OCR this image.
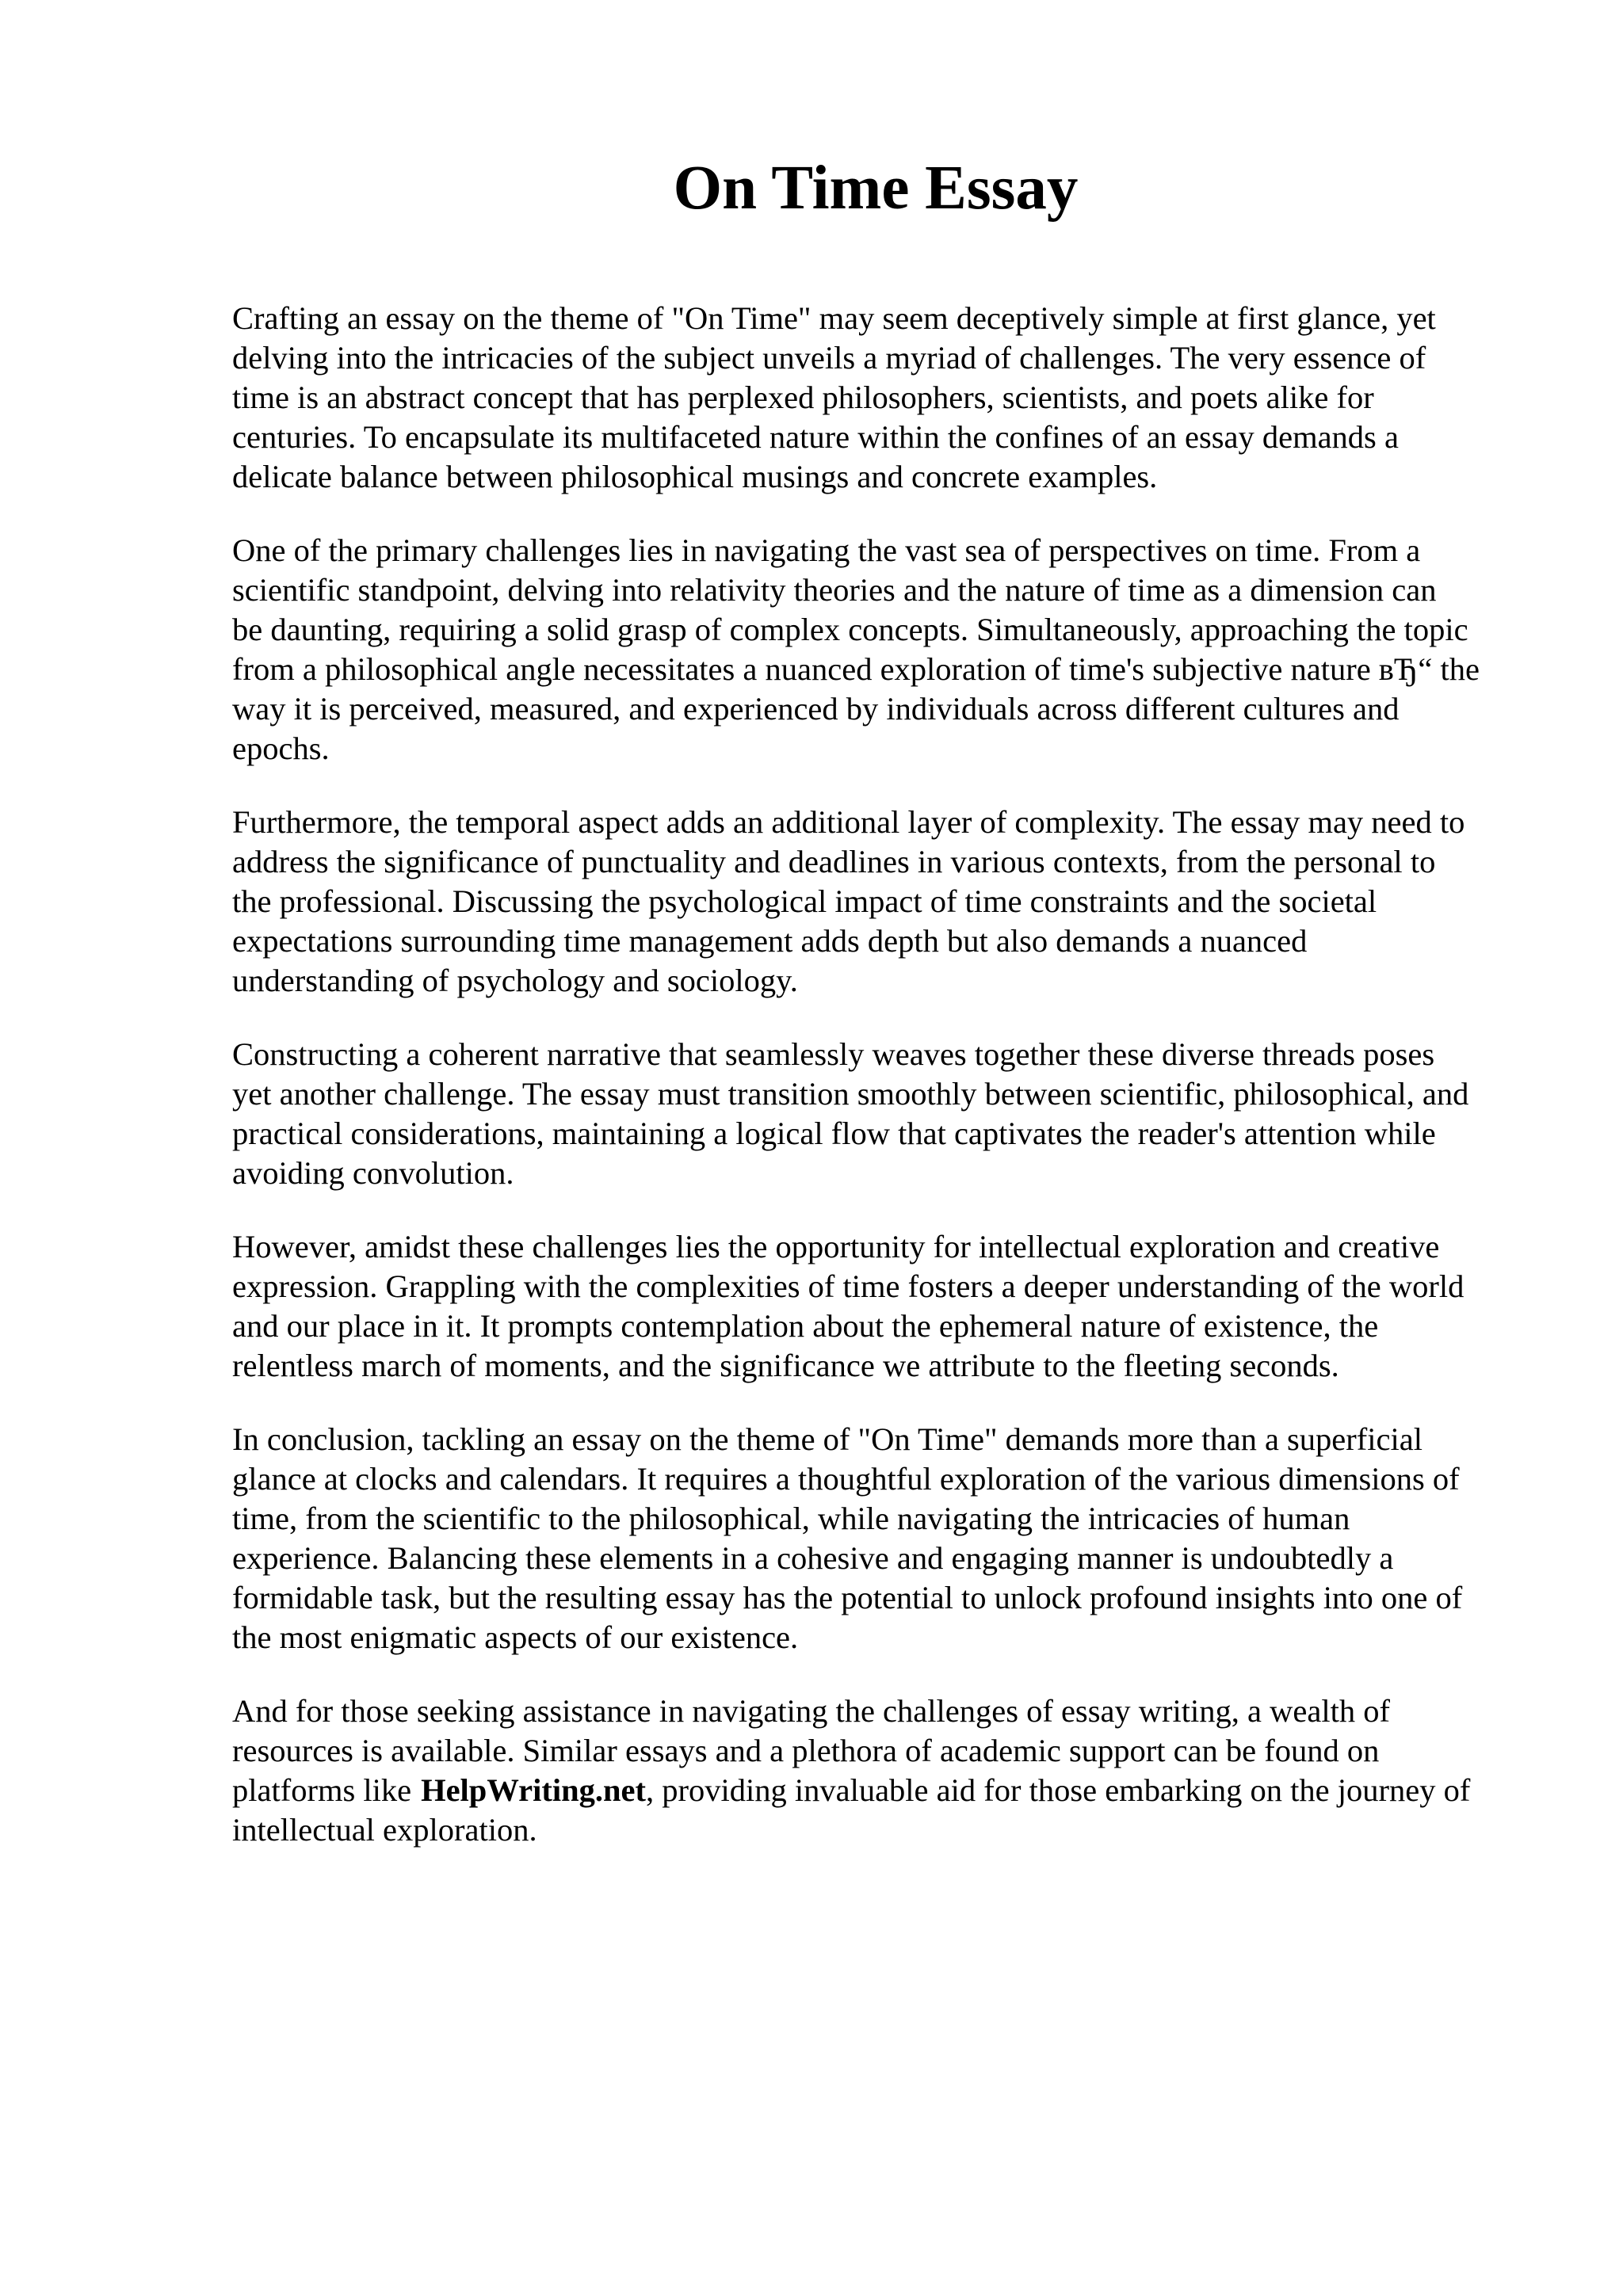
On Time Essay

Crafting an essay on the theme of "On Time" may seem deceptively simple at first glance, yet
delving into the intricacies of the subject unveils a myriad of challenges. The very essence of
time is an abstract concept that has perplexed philosophers, scientists, and poets alike for
centuries. To encapsulate its multifaceted nature within the confines of an essay demands a
delicate balance between philosophical musings and concrete examples.

One of the primary challenges lies in navigating the vast sea of perspectives on time. From a
scientific standpoint, delving into relativity theories and the nature of time as a dimension can
be daunting, requiring a solid grasp of complex concepts. Simultaneously, approaching the topic
from a philosophical angle necessitates a nuanced exploration of time's subjective nature вЂ“ the
way it is perceived, measured, and experienced by individuals across different cultures and
epochs.

Furthermore, the temporal aspect adds an additional layer of complexity. The essay may need to
address the significance of punctuality and deadlines in various contexts, from the personal to
the professional. Discussing the psychological impact of time constraints and the societal
expectations surrounding time management adds depth but also demands a nuanced
understanding of psychology and sociology.

Constructing a coherent narrative that seamlessly weaves together these diverse threads poses
yet another challenge. The essay must transition smoothly between scientific, philosophical, and
practical considerations, maintaining a logical flow that captivates the reader's attention while
avoiding convolution.

However, amidst these challenges lies the opportunity for intellectual exploration and creative
expression. Grappling with the complexities of time fosters a deeper understanding of the world
and our place in it. It prompts contemplation about the ephemeral nature of existence, the
relentless march of moments, and the significance we attribute to the fleeting seconds.

In conclusion, tackling an essay on the theme of "On Time" demands more than a superficial
glance at clocks and calendars. It requires a thoughtful exploration of the various dimensions of
time, from the scientific to the philosophical, while navigating the intricacies of human
experience. Balancing these elements in a cohesive and engaging manner is undoubtedly a
formidable task, but the resulting essay has the potential to unlock profound insights into one of
the most enigmatic aspects of our existence.

And for those seeking assistance in navigating the challenges of essay writing, a wealth of
resources is available. Similar essays and a plethora of academic support can be found on
platforms like HelpWriting.net, providing invaluable aid for those embarking on the journey of
intellectual exploration.
